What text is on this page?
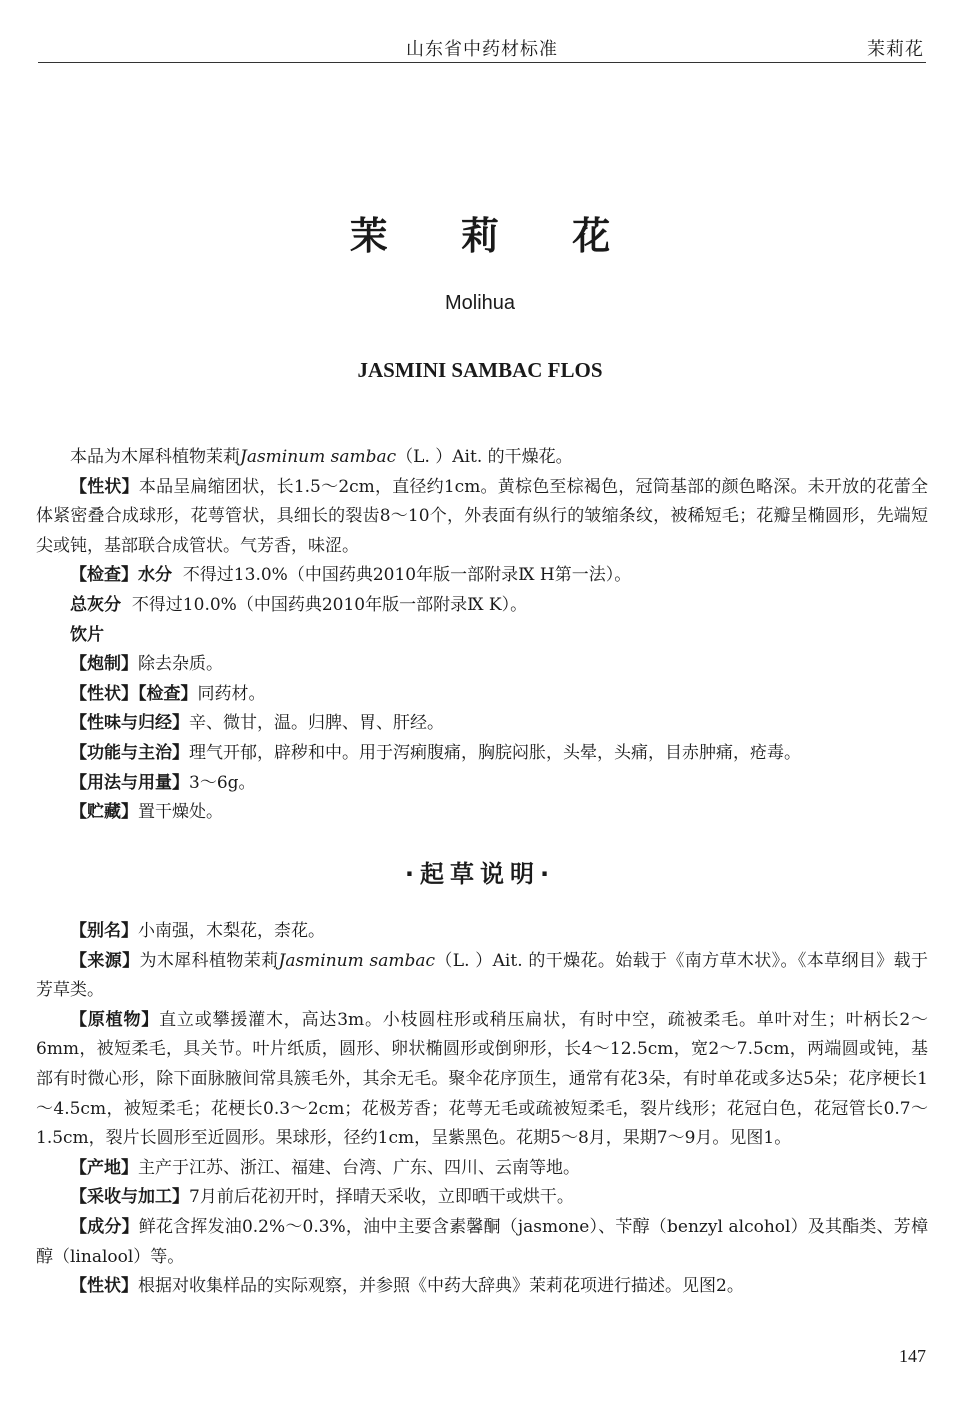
山东省中药材标准	茉莉花
茉 莉 花
Molihua
JASMINI SAMBAC FLOS

本品为木犀科植物茉莉Jasminum sambac（L. ）Ait. 的干燥花。

【性状】本品呈扁缩团状，长1.5～2cm，直径约1cm。黄棕色至棕褐色，冠筒基部的颜色略深。未开放的花蕾全体紧密叠合成球形，花萼管状，具细长的裂齿8～10个，外表面有纵行的皱缩条纹，被稀短毛；花瓣呈椭圆形，先端短尖或钝，基部联合成管状。气芳香，味涩。

【检查】水分 不得过13.0%（中国药典2010年版一部附录Ⅸ H第一法）。

总灰分 不得过10.0%（中国药典2010年版一部附录Ⅸ K）。

饮片

【炮制】除去杂质。

【性状】【检查】同药材。

【性味与归经】辛、微甘，温。归脾、胃、肝经。

【功能与主治】理气开郁，辟秽和中。用于泻痢腹痛，胸脘闷胀，头晕，头痛，目赤肿痛，疮毒。

【用法与用量】3～6g。

【贮藏】置干燥处。

·起草说明·

【别名】小南强，木梨花，柰花。

【来源】为木犀科植物茉莉Jasminum sambac（L. ）Ait. 的干燥花。始载于《南方草木状》。《本草纲目》载于芳草类。

【原植物】直立或攀援灌木，高达3m。小枝圆柱形或稍压扁状，有时中空，疏被柔毛。单叶对生；叶柄长2～6mm，被短柔毛，具关节。叶片纸质，圆形、卵状椭圆形或倒卵形，长4～12.5cm，宽2～7.5cm，两端圆或钝，基部有时微心形，除下面脉腋间常具簇毛外，其余无毛。聚伞花序顶生，通常有花3朵，有时单花或多达5朵；花序梗长1～4.5cm，被短柔毛；花梗长0.3～2cm；花极芳香；花萼无毛或疏被短柔毛，裂片线形；花冠白色，花冠管长0.7～1.5cm，裂片长圆形至近圆形。果球形，径约1cm，呈紫黑色。花期5～8月，果期7～9月。见图1。

【产地】主产于江苏、浙江、福建、台湾、广东、四川、云南等地。

【采收与加工】7月前后花初开时，择晴天采收，立即晒干或烘干。

【成分】鲜花含挥发油0.2%～0.3%，油中主要含素馨酮（jasmone）、苄醇（benzyl alcohol）及其酯类、芳樟醇（linalool）等。

【性状】根据对收集样品的实际观察，并参照《中药大辞典》茉莉花项进行描述。见图2。

147
